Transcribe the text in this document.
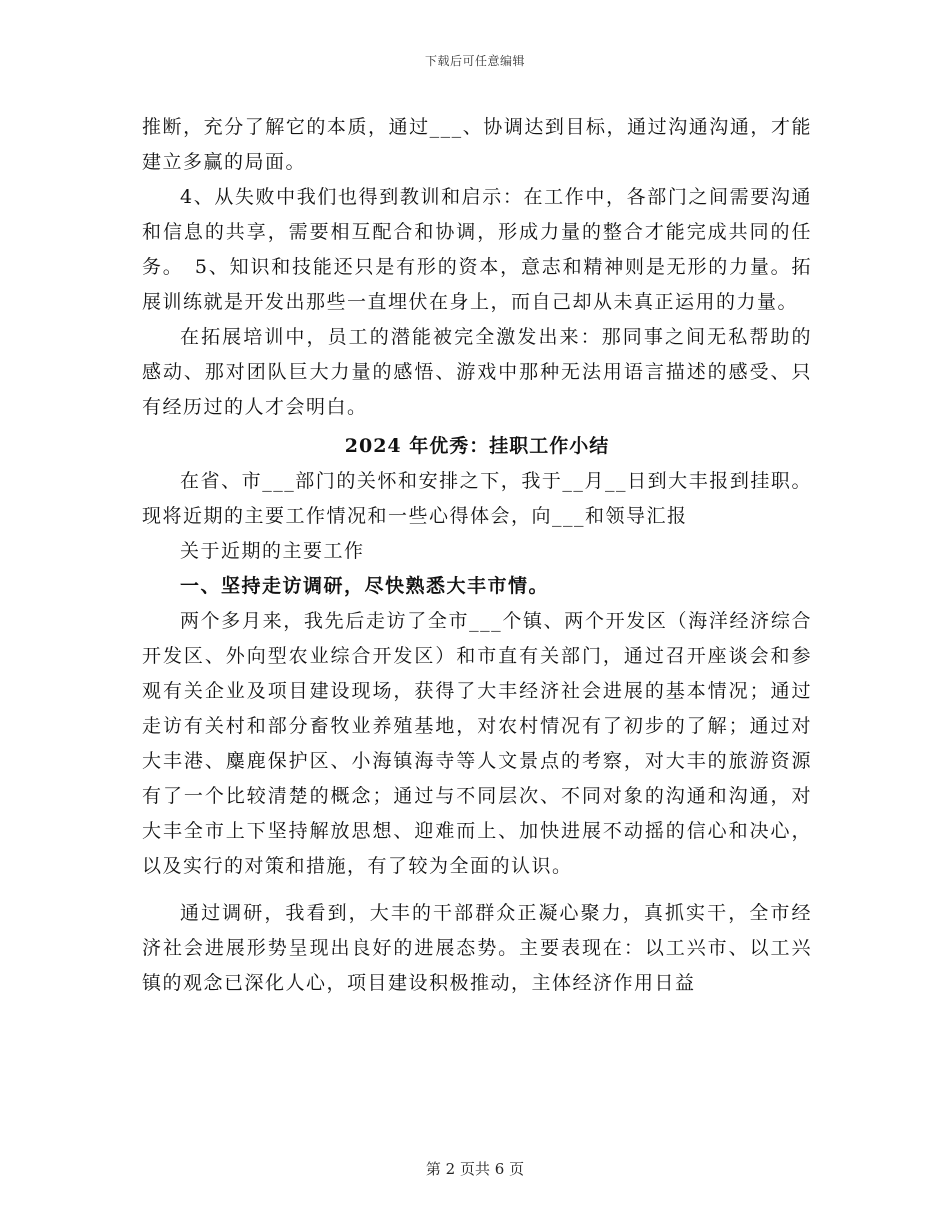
下载后可任意编辑

推断，充分了解它的本质，通过___、协调达到目标，通过沟通沟通，才能建立多赢的局面。

4、从失败中我们也得到教训和启示：在工作中，各部门之间需要沟通和信息的共享，需要相互配合和协调，形成力量的整合才能完成共同的任务。　5、知识和技能还只是有形的资本，意志和精神则是无形的力量。拓展训练就是开发出那些一直埋伏在身上，而自己却从未真正运用的力量。

在拓展培训中，员工的潜能被完全激发出来：那同事之间无私帮助的感动、那对团队巨大力量的感悟、游戏中那种无法用语言描述的感受、只有经历过的人才会明白。

2024 年优秀：挂职工作小结

在省、市___部门的关怀和安排之下，我于__月__日到大丰报到挂职。现将近期的主要工作情况和一些心得体会，向___和领导汇报

关于近期的主要工作

一、坚持走访调研，尽快熟悉大丰市情。

两个多月来，我先后走访了全市___个镇、两个开发区（海洋经济综合开发区、外向型农业综合开发区）和市直有关部门，通过召开座谈会和参观有关企业及项目建设现场，获得了大丰经济社会进展的基本情况；通过走访有关村和部分畜牧业养殖基地，对农村情况有了初步的了解；通过对大丰港、麋鹿保护区、小海镇海寺等人文景点的考察，对大丰的旅游资源有了一个比较清楚的概念；通过与不同层次、不同对象的沟通和沟通，对大丰全市上下坚持解放思想、迎难而上、加快进展不动摇的信心和决心，以及实行的对策和措施，有了较为全面的认识。

通过调研，我看到，大丰的干部群众正凝心聚力，真抓实干，全市经济社会进展形势呈现出良好的进展态势。主要表现在：以工兴市、以工兴镇的观念已深化人心，项目建设积极推动，主体经济作用日益

第 2 页共 6 页
